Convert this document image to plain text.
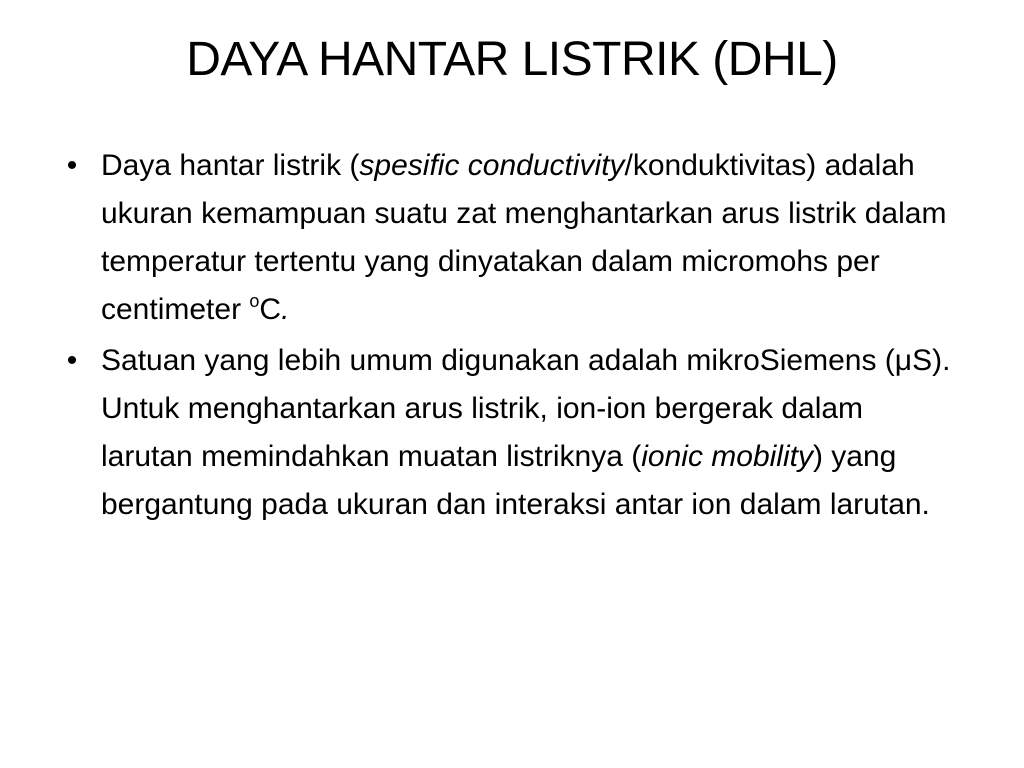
DAYA HANTAR LISTRIK (DHL)
• Daya hantar listrik (spesific conductivity/konduktivitas) adalah ukuran kemampuan suatu zat menghantarkan arus listrik dalam temperatur tertentu yang dinyatakan dalam micromohs per centimeter $^o$C.
• Satuan yang lebih umum digunakan adalah mikroSiemens (μS). Untuk menghantarkan arus listrik, ion-ion bergerak dalam larutan memindahkan muatan listriknya (ionic mobility) yang bergantung pada ukuran dan interaksi antar ion dalam larutan.
